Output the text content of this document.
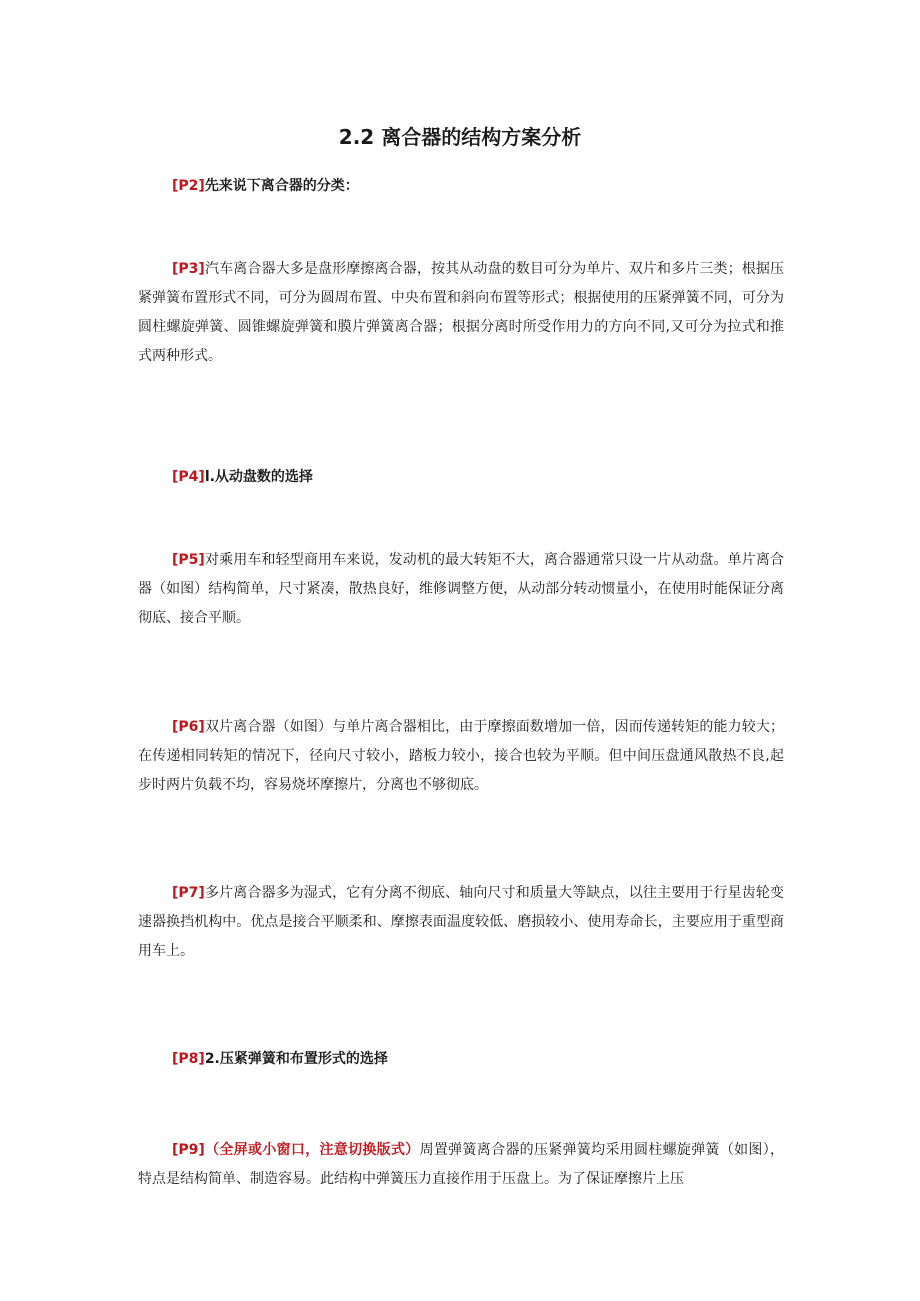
2.2 离合器的结构方案分析

[P2]先来说下离合器的分类：

[P3]汽车离合器大多是盘形摩擦离合器，按其从动盘的数目可分为单片、双片和多片三类；根据压紧弹簧布置形式不同，可分为圆周布置、中央布置和斜向布置等形式；根据使用的压紧弹簧不同，可分为圆柱螺旋弹簧、圆锥螺旋弹簧和膜片弹簧离合器；根据分离时所受作用力的方向不同,又可分为拉式和推式两种形式。

[P4]l.从动盘数的选择

[P5]对乘用车和轻型商用车来说，发动机的最大转矩不大，离合器通常只设一片从动盘。单片离合器（如图）结构简单，尺寸紧凑，散热良好，维修调整方便，从动部分转动惯量小，在使用时能保证分离彻底、接合平顺。

[P6]双片离合器（如图）与单片离合器相比，由于摩擦面数增加一倍，因而传递转矩的能力较大；在传递相同转矩的情况下，径向尺寸较小，踏板力较小，接合也较为平顺。但中间压盘通风散热不良,起步时两片负载不均，容易烧坏摩擦片，分离也不够彻底。

[P7]多片离合器多为湿式，它有分离不彻底、轴向尺寸和质量大等缺点，以往主要用于行星齿轮变速器换挡机构中。优点是接合平顺柔和、摩擦表面温度较低、磨损较小、使用寿命长，主要应用于重型商用车上。

[P8]2.压紧弹簧和布置形式的选择

[P9]（全屏或小窗口，注意切换版式）周置弹簧离合器的压紧弹簧均采用圆柱螺旋弹簧（如图），特点是结构简单、制造容易。此结构中弹簧压力直接作用于压盘上。为了保证摩擦片上压
